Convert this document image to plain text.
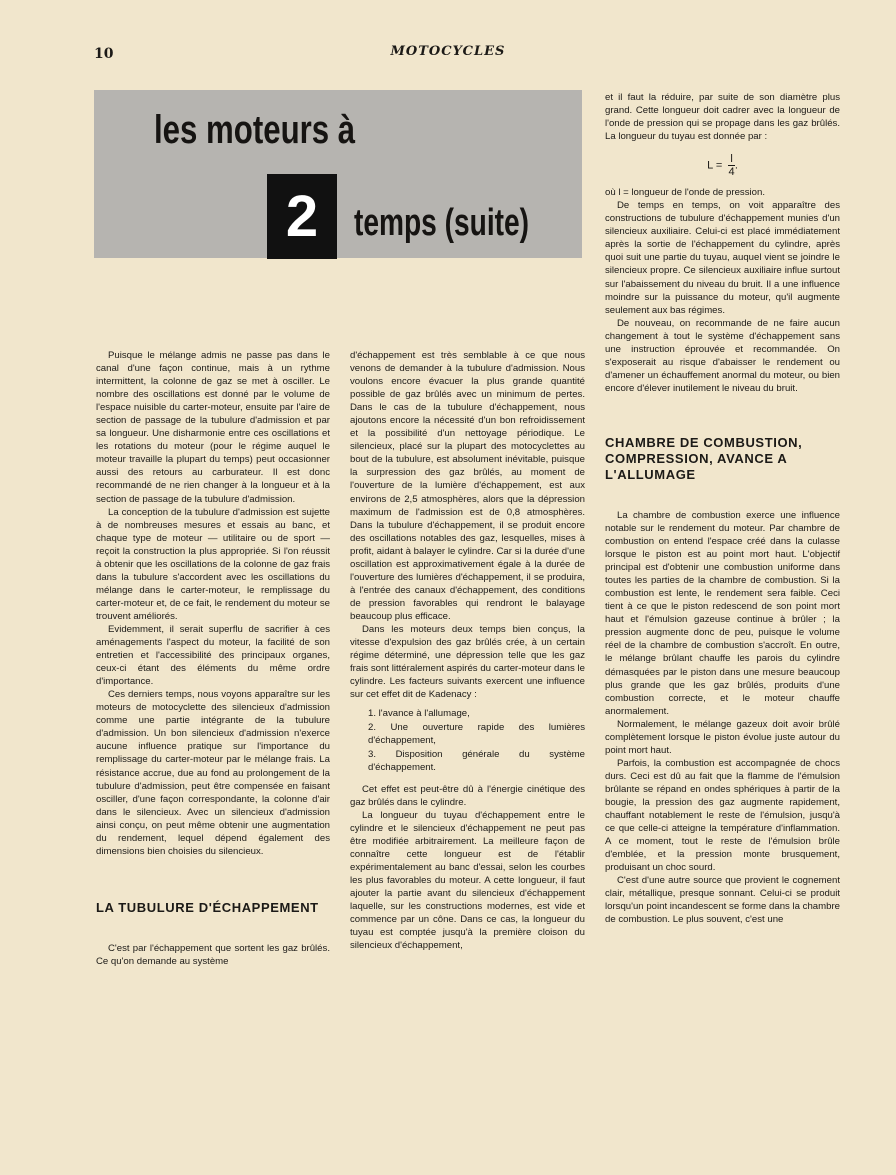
10	MOTOCYCLES
les moteurs à
2 temps (suite)

Puisque le mélange admis ne passe pas dans le canal d'une façon continue, mais à un rythme intermittent, la colonne de gaz se met à osciller. Le nombre des oscillations est donné par le volume de l'espace nuisible du carter-moteur, ensuite par l'aire de section de passage de la tubulure d'admission et par sa longueur. Une disharmonie entre ces oscillations et les rotations du moteur (pour le régime auquel le moteur travaille la plupart du temps) peut occasionner aussi des retours au carburateur. Il est donc recommandé de ne rien changer à la longueur et à la section de passage de la tubulure d'admission.

La conception de la tubulure d'admission est sujette à de nombreuses mesures et essais au banc, et chaque type de moteur — utilitaire ou de sport — reçoit la construction la plus appropriée. Si l'on réussit à obtenir que les oscillations de la colonne de gaz frais dans la tubulure s'accordent avec les oscillations du mélange dans le carter-moteur, le remplissage du carter-moteur et, de ce fait, le rendement du moteur se trouvent améliorés.

Evidemment, il serait superflu de sacrifier à ces aménagements l'aspect du moteur, la facilité de son entretien et l'accessibilité des principaux organes, ceux-ci étant des éléments du même ordre d'importance.

Ces derniers temps, nous voyons apparaître sur les moteurs de motocyclette des silencieux d'admission comme une partie intégrante de la tubulure d'admission. Un bon silencieux d'admission n'exerce aucune influence pratique sur l'importance du remplissage du carter-moteur par le mélange frais. La résistance accrue, due au fond au prolongement de la tubulure d'admission, peut être compensée en faisant osciller, d'une façon correspondante, la colonne d'air dans le silencieux. Avec un silencieux d'admission ainsi conçu, on peut même obtenir une augmentation du rendement, lequel dépend également des dimensions bien choisies du silencieux.

LA TUBULURE D'ÉCHAPPEMENT

C'est par l'échappement que sortent les gaz brûlés. Ce qu'on demande au système

d'échappement est très semblable à ce que nous venons de demander à la tubulure d'admission. Nous voulons encore évacuer la plus grande quantité possible de gaz brûlés avec un minimum de pertes. Dans le cas de la tubulure d'échappement, nous ajoutons encore la nécessité d'un bon refroidissement et la possibilité d'un nettoyage périodique. Le silencieux, placé sur la plupart des motocyclettes au bout de la tubulure, est absolument inévitable, puisque la surpression des gaz brûlés, au moment de l'ouverture de la lumière d'échappement, est aux environs de 2,5 atmosphères, alors que la dépression maximum de l'admission est de 0,8 atmosphères. Dans la tubulure d'échappement, il se produit encore des oscillations notables des gaz, lesquelles, mises à profit, aidant à balayer le cylindre. Car si la durée d'une oscillation est approximativement égale à la durée de l'ouverture des lumières d'échappement, il se produira, à l'entrée des canaux d'échappement, des conditions de pression favorables qui rendront le balayage beaucoup plus efficace.

Dans les moteurs deux temps bien conçus, la vitesse d'expulsion des gaz brûlés crée, à un certain régime déterminé, une dépression telle que les gaz frais sont littéralement aspirés du carter-moteur dans le cylindre. Les facteurs suivants exercent une influence sur cet effet dit de Kadenacy :

1. l'avance à l'allumage,
2. Une ouverture rapide des lumières d'échappement,
3. Disposition générale du système d'échappement.

Cet effet est peut-être dû à l'énergie cinétique des gaz brûlés dans le cylindre.

La longueur du tuyau d'échappement entre le cylindre et le silencieux d'échappement ne peut pas être modifiée arbitrairement. La meilleure façon de connaître cette longueur est de l'établir expérimentalement au banc d'essai, selon les courbes les plus favorables du moteur. A cette longueur, il faut ajouter la partie avant du silencieux d'échappement laquelle, sur les constructions modernes, est vide et commence par un cône. Dans ce cas, la longueur du tuyau est comptée jusqu'à la première cloison du silencieux d'échappement,

et il faut la réduire, par suite de son diamètre plus grand. Cette longueur doit cadrer avec la longueur de l'onde de pression qui se propage dans les gaz brûlés. La longueur du tuyau est donnée par :

$L = \frac{l}{4}$ .

où l = longueur de l'onde de pression.

De temps en temps, on voit apparaître des constructions de tubulure d'échappement munies d'un silencieux auxiliaire. Celui-ci est placé immédiatement après la sortie de l'échappement du cylindre, après quoi suit une partie du tuyau, auquel vient se joindre le silencieux propre. Ce silencieux auxiliaire influe surtout sur l'abaissement du niveau du bruit. Il a une influence moindre sur la puissance du moteur, qu'il augmente seulement aux bas régimes.

De nouveau, on recommande de ne faire aucun changement à tout le système d'échappement sans une instruction éprouvée et recommandée. On s'exposerait au risque d'abaisser le rendement ou d'amener un échauffement anormal du moteur, ou bien encore d'élever inutilement le niveau du bruit.

CHAMBRE DE COMBUSTION, COMPRESSION, AVANCE A L'ALLUMAGE

La chambre de combustion exerce une influence notable sur le rendement du moteur. Par chambre de combustion on entend l'espace créé dans la culasse lorsque le piston est au point mort haut. L'objectif principal est d'obtenir une combustion uniforme dans toutes les parties de la chambre de combustion. Si la combustion est lente, le rendement sera faible. Ceci tient à ce que le piston redescend de son point mort haut et l'émulsion gazeuse continue à brûler ; la pression augmente donc de peu, puisque le volume réel de la chambre de combustion s'accroît. En outre, le mélange brûlant chauffe les parois du cylindre démasquées par le piston dans une mesure beaucoup plus grande que les gaz brûlés, produits d'une combustion correcte, et le moteur chauffe anormalement.

Normalement, le mélange gazeux doit avoir brûlé complètement lorsque le piston évolue juste autour du point mort haut.

Parfois, la combustion est accompagnée de chocs durs. Ceci est dû au fait que la flamme de l'émulsion brûlante se répand en ondes sphériques à partir de la bougie, la pression des gaz augmente rapidement, chauffant notablement le reste de l'émulsion, jusqu'à ce que celle-ci atteigne la température d'inflammation. A ce moment, tout le reste de l'émulsion brûle d'emblée, et la pression monte brusquement, produisant un choc sourd.

C'est d'une autre source que provient le cognement clair, métallique, presque sonnant. Celui-ci se produit lorsqu'un point incandescent se forme dans la chambre de combustion. Le plus souvent, c'est une
